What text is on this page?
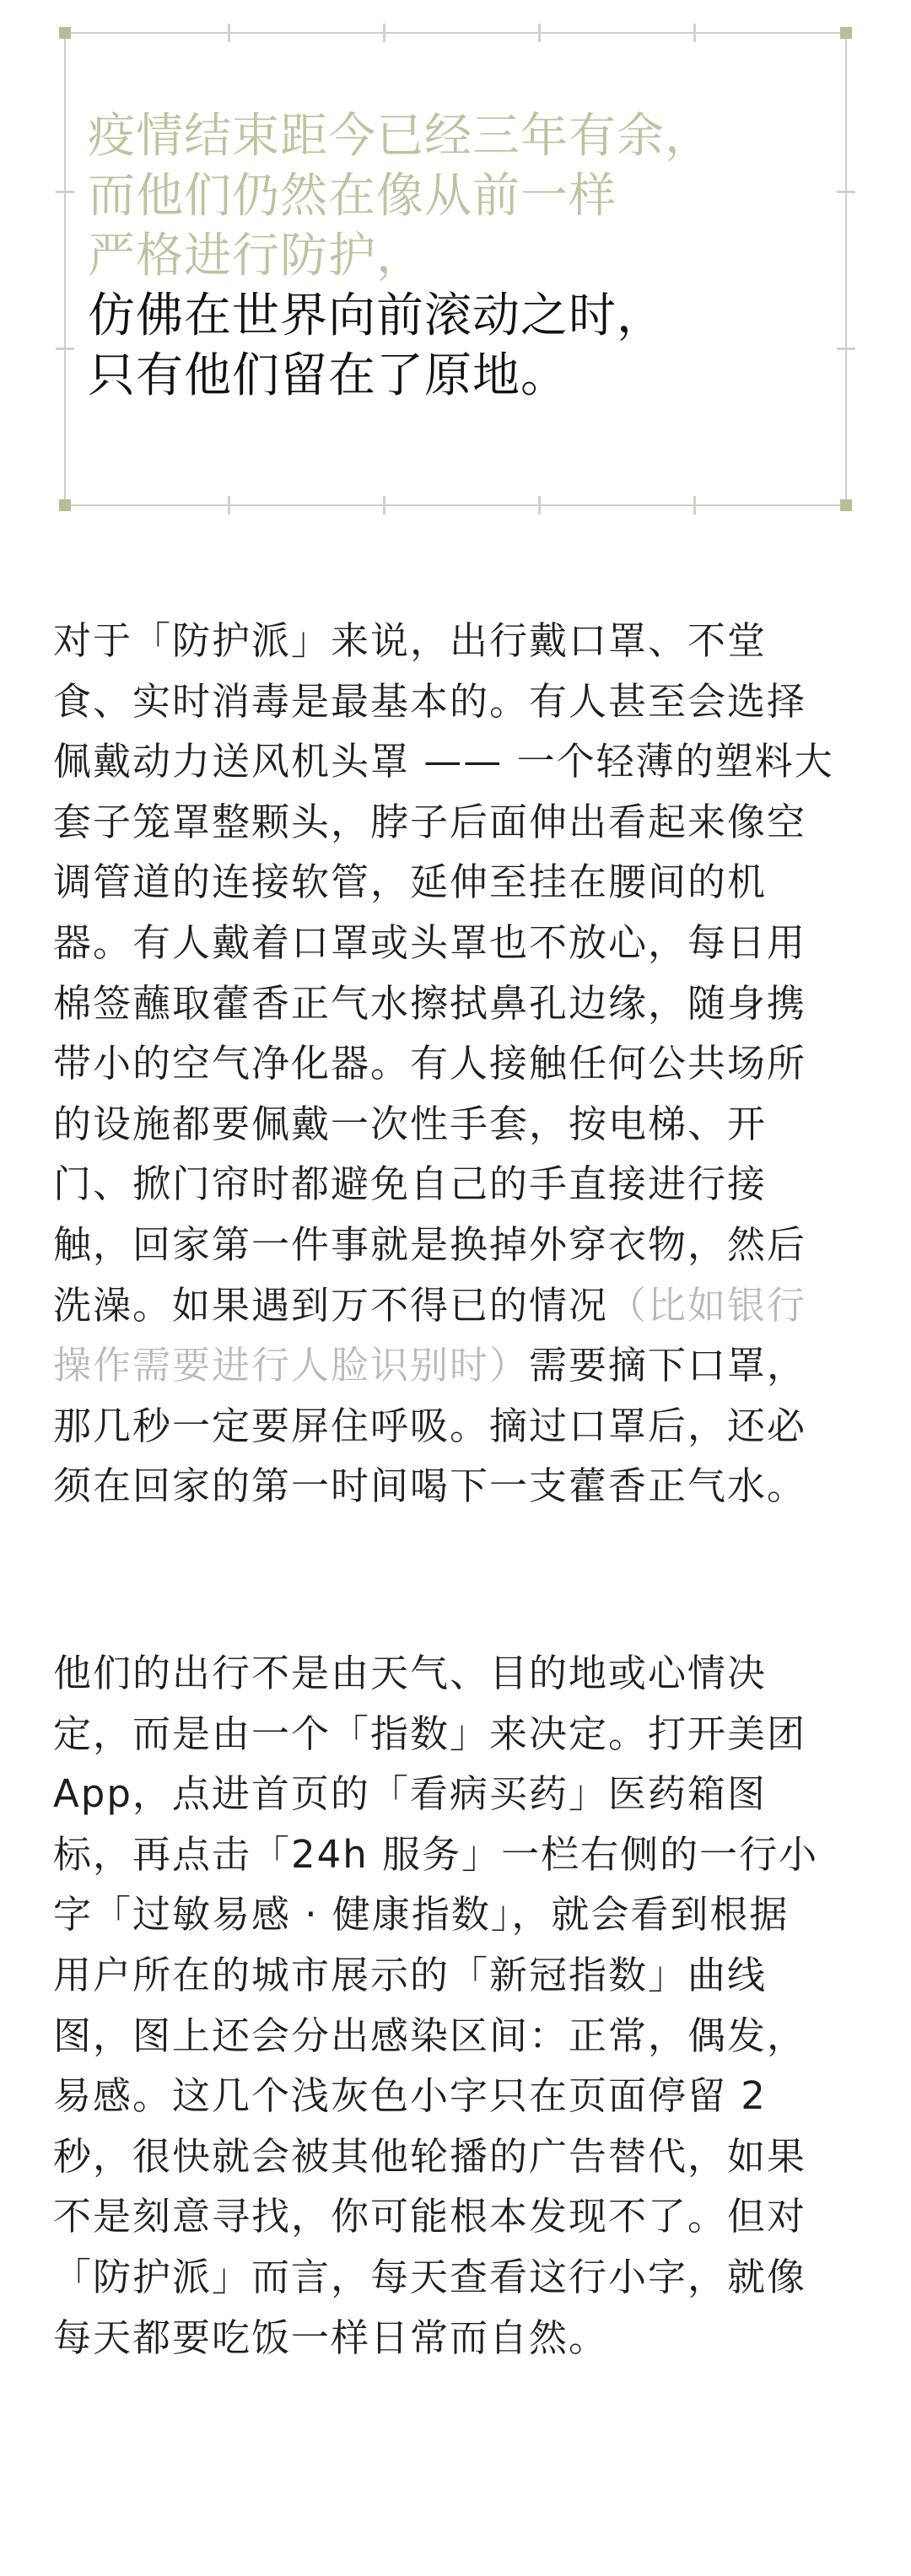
疫情结束距今已经三年有余，
而他们仍然在像从前一样
严格进行防护，
仿佛在世界向前滚动之时，
只有他们留在了原地。
对于「防护派」来说，出行戴口罩、不堂
食、实时消毒是最基本的。有人甚至会选择
佩戴动力送风机头罩 —— 一个轻薄的塑料大
套子笼罩整颗头，脖子后面伸出看起来像空
调管道的连接软管，延伸至挂在腰间的机
器。有人戴着口罩或头罩也不放心，每日用
棉签蘸取藿香正气水擦拭鼻孔边缘，随身携
带小的空气净化器。有人接触任何公共场所
的设施都要佩戴一次性手套，按电梯、开
门、掀门帘时都避免自己的手直接进行接
触，回家第一件事就是换掉外穿衣物，然后
洗澡。如果遇到万不得已的情况（比如银行
操作需要进行人脸识别时）需要摘下口罩，
那几秒一定要屏住呼吸。摘过口罩后，还必
须在回家的第一时间喝下一支藿香正气水。
他们的出行不是由天气、目的地或心情决
定，而是由一个「指数」来决定。打开美团
App，点进首页的「看病买药」医药箱图
标，再点击「24h 服务」一栏右侧的一行小
字「过敏易感 · 健康指数」，就会看到根据
用户所在的城市展示的「新冠指数」曲线
图，图上还会分出感染区间：正常，偶发，
易感。这几个浅灰色小字只在页面停留 2
秒，很快就会被其他轮播的广告替代，如果
不是刻意寻找，你可能根本发现不了。但对
「防护派」而言，每天查看这行小字，就像
每天都要吃饭一样日常而自然。
